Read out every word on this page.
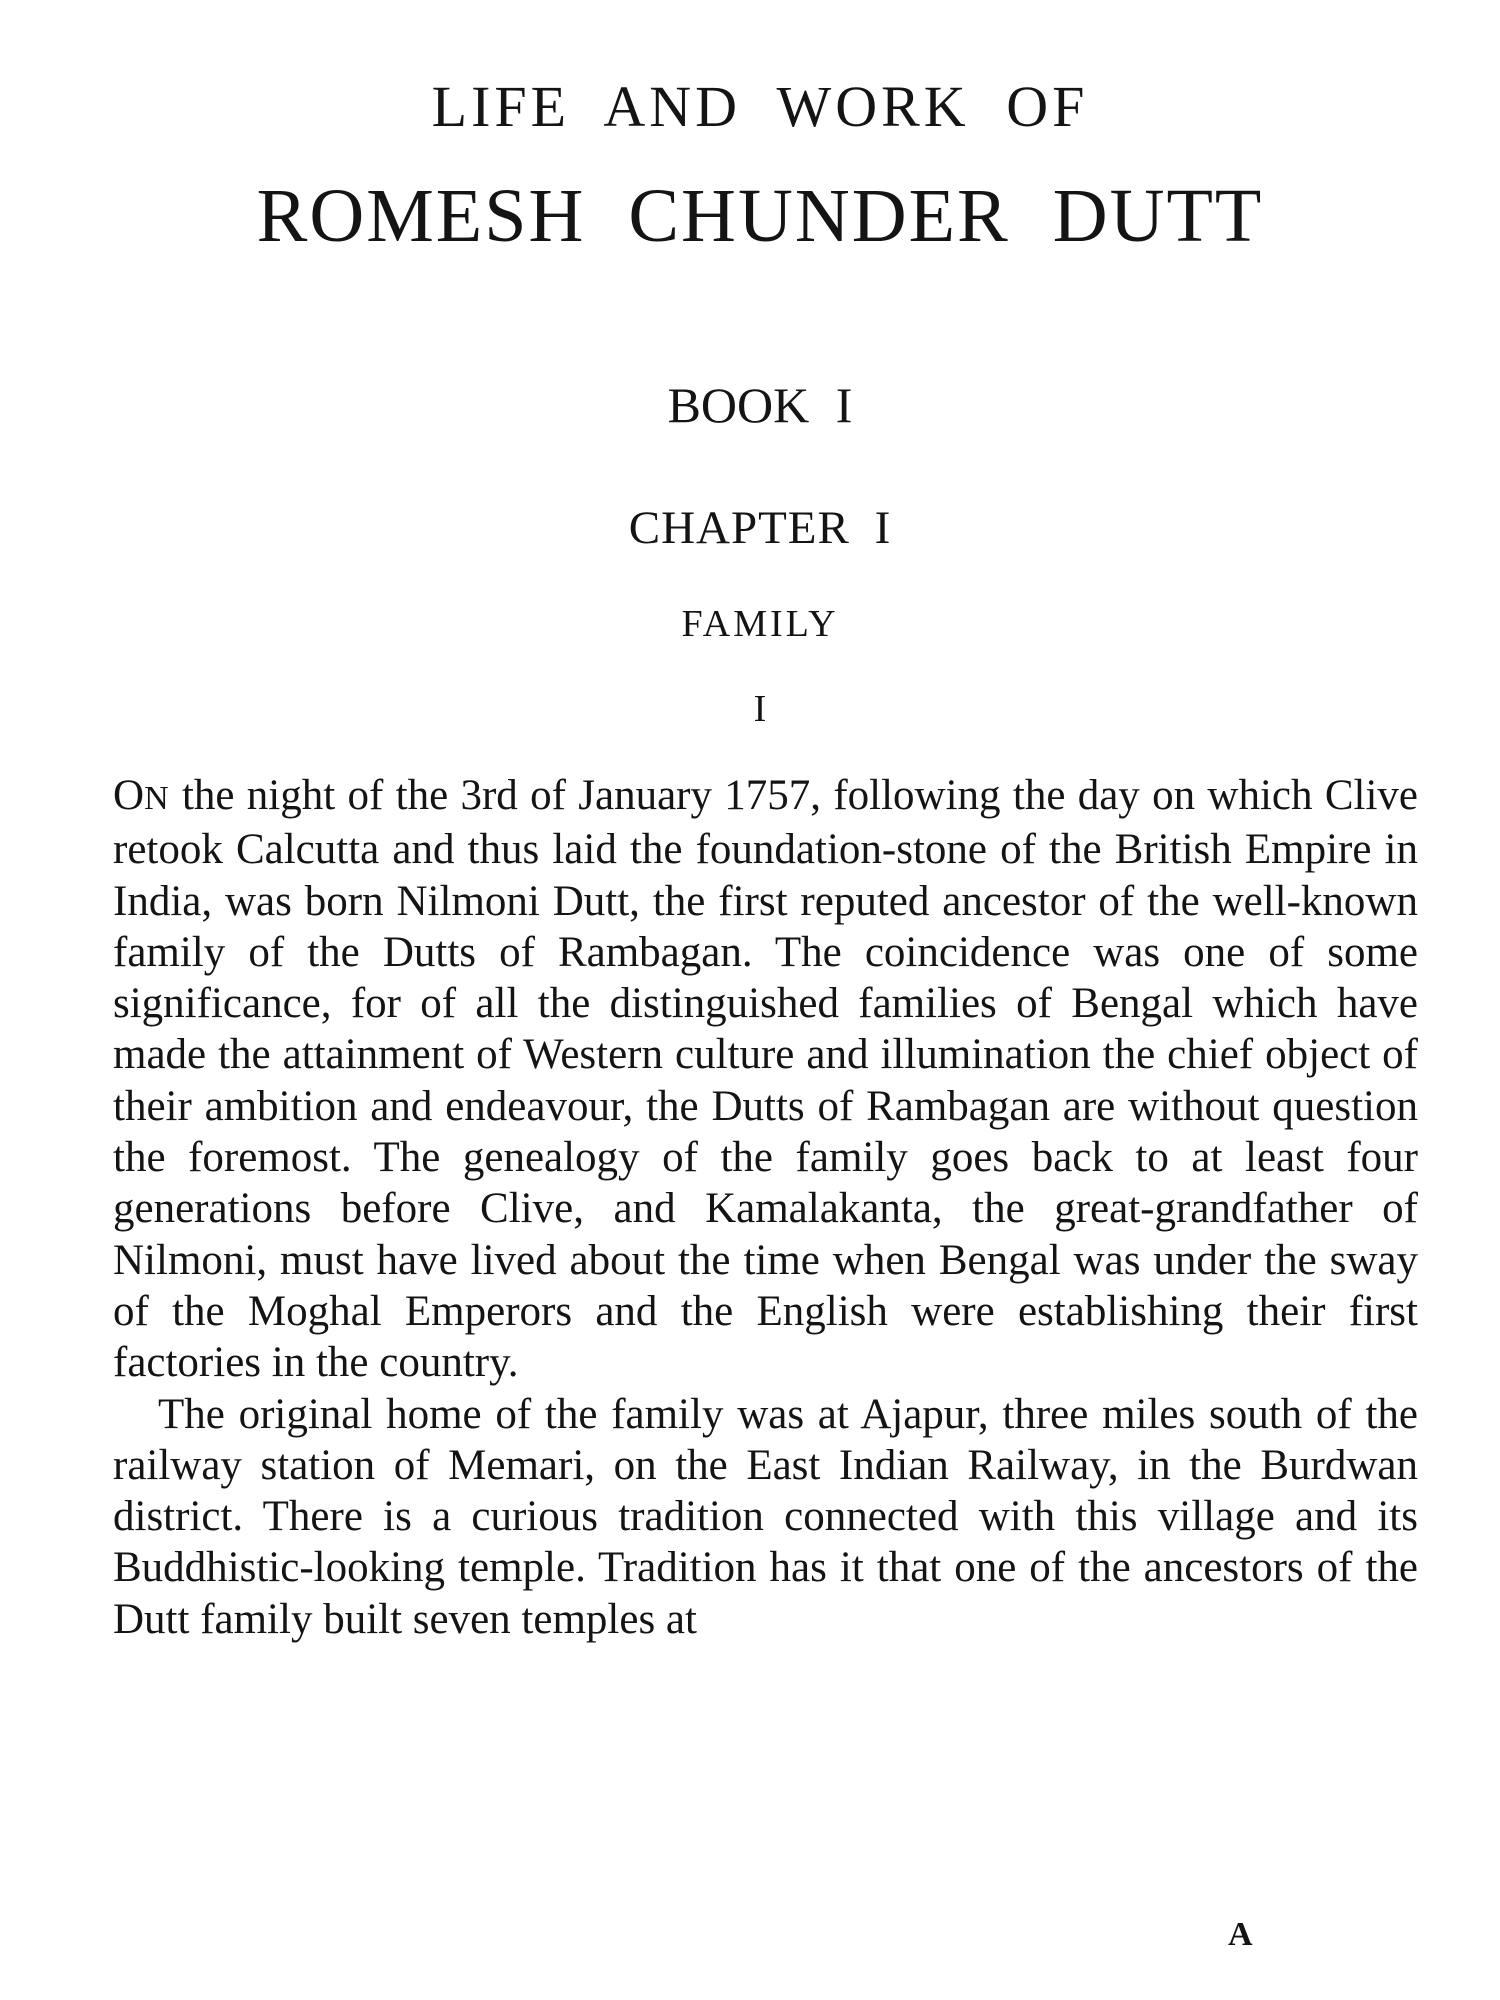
LIFE AND WORK OF
ROMESH CHUNDER DUTT
BOOK I
CHAPTER I
FAMILY
I

ON the night of the 3rd of January 1757, following the day on which Clive retook Calcutta and thus laid the foundation-stone of the British Empire in India, was born Nilmoni Dutt, the first reputed ancestor of the well-known family of the Dutts of Rambagan. The coincidence was one of some significance, for of all the distinguished families of Bengal which have made the attainment of Western culture and illumination the chief object of their ambition and endeavour, the Dutts of Rambagan are without question the foremost. The genealogy of the family goes back to at least four generations before Clive, and Kamalakanta, the great-grandfather of Nilmoni, must have lived about the time when Bengal was under the sway of the Moghal Emperors and the English were establishing their first factories in the country.

The original home of the family was at Ajapur, three miles south of the railway station of Memari, on the East Indian Railway, in the Burdwan district. There is a curious tradition connected with this village and its Buddhistic-looking temple. Tradition has it that one of the ancestors of the Dutt family built seven temples at

A
